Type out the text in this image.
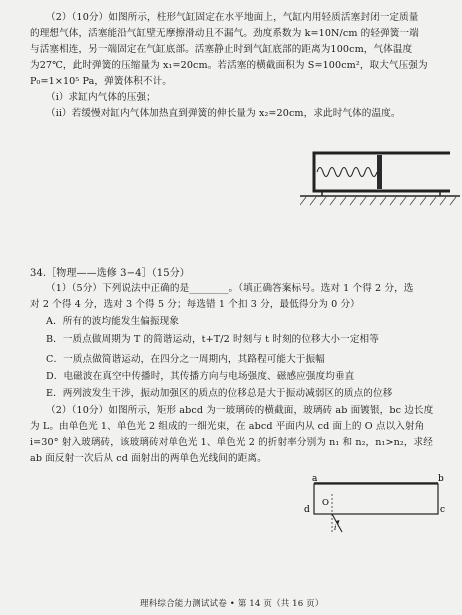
（2）（10分）如图所示，柱形气缸固定在水平地面上，气缸内用轻质活塞封闭一定质量
的理想气体，活塞能沿气缸壁无摩擦滑动且不漏气。劲度系数为 k=10N/cm 的轻弹簧一端
与活塞相连，另一端固定在气缸底部。活塞静止时到气缸底部的距离为100cm，气体温度
为27℃，此时弹簧的压缩量为 x₁=20cm。若活塞的横截面积为 S=100cm²，取大气压强为
P₀=1×10⁵ Pa，弹簧体积不计。
（ⅰ）求缸内气体的压强；
（ⅱ）若缓慢对缸内气体加热直到弹簧的伸长量为 x₂=20cm，求此时气体的温度。
34.［物理——选修 3−4］（15分）
（1）（5分）下列说法中正确的是________。（填正确答案标号。选对 1 个得 2 分，选
对 2 个得 4 分，选对 3 个得 5 分；每选错 1 个扣 3 分，最低得分为 0 分）
A．所有的波均能发生偏振现象
B．一质点做周期为 T 的简谐运动，t+T/2 时刻与 t 时刻的位移大小一定相等
C．一质点做简谐运动，在四分之一周期内，其路程可能大于振幅
D．电磁波在真空中传播时，其传播方向与电场强度、磁感应强度均垂直
E．两列波发生干涉，振动加强区的质点的位移总是大于振动减弱区的质点的位移
（2）（10分）如图所示，矩形 abcd 为一玻璃砖的横截面，玻璃砖 ab 面镀银，bc 边长度
为 L。由单色光 1、单色光 2 组成的一细光束，在 abcd 平面内从 cd 面上的 O 点以入射角
i=30° 射入玻璃砖，该玻璃砖对单色光 1、单色光 2 的折射率分别为 n₁ 和 n₂，n₁>n₂，求经
ab 面反射一次后从 cd 面射出的两单色光线间的距离。
a	b
c
d
O
i
理科综合能力测试试卷 • 第 14 页（共 16 页）
